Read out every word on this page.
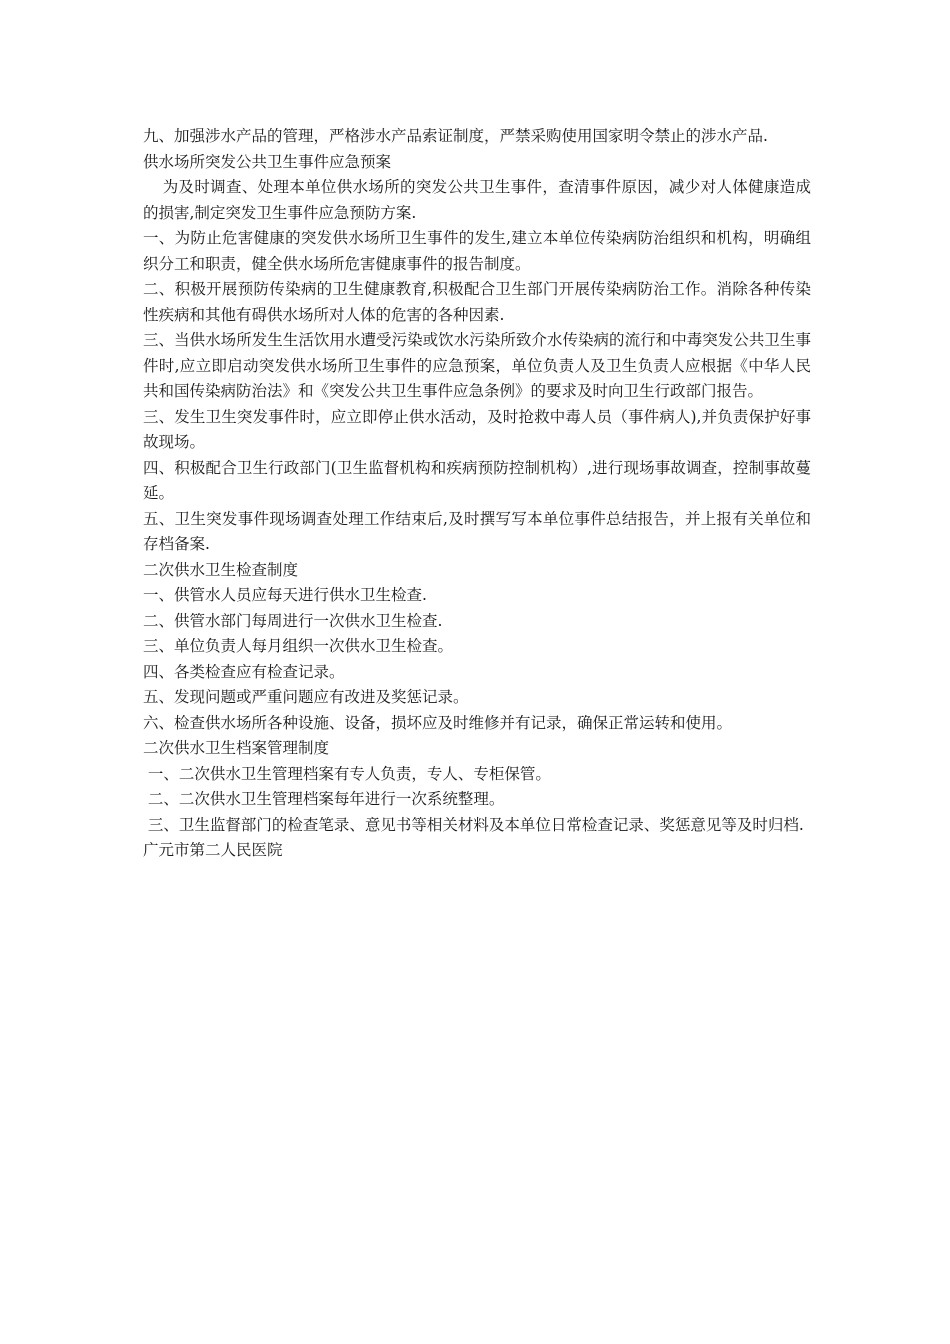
九、加强涉水产品的管理，严格涉水产品索证制度，严禁采购使用国家明令禁止的涉水产品.

供水场所突发公共卫生事件应急预案

为及时调查、处理本单位供水场所的突发公共卫生事件，查清事件原因，减少对人体健康造成的损害,制定突发卫生事件应急预防方案.

一、为防止危害健康的突发供水场所卫生事件的发生,建立本单位传染病防治组织和机构，明确组织分工和职责，健全供水场所危害健康事件的报告制度。

二、积极开展预防传染病的卫生健康教育,积极配合卫生部门开展传染病防治工作。消除各种传染性疾病和其他有碍供水场所对人体的危害的各种因素.

三、当供水场所发生生活饮用水遭受污染或饮水污染所致介水传染病的流行和中毒突发公共卫生事件时,应立即启动突发供水场所卫生事件的应急预案，单位负责人及卫生负责人应根据《中华人民共和国传染病防治法》和《突发公共卫生事件应急条例》的要求及时向卫生行政部门报告。

三、发生卫生突发事件时，应立即停止供水活动，及时抢救中毒人员（事件病人),并负责保护好事故现场。

四、积极配合卫生行政部门(卫生监督机构和疾病预防控制机构）,进行现场事故调查，控制事故蔓延。

五、卫生突发事件现场调查处理工作结束后,及时撰写写本单位事件总结报告，并上报有关单位和存档备案.

二次供水卫生检查制度

一、供管水人员应每天进行供水卫生检查.

二、供管水部门每周进行一次供水卫生检查.

三、单位负责人每月组织一次供水卫生检查。

四、各类检查应有检查记录。

五、发现问题或严重问题应有改进及奖惩记录。

六、检查供水场所各种设施、设备，损坏应及时维修并有记录，确保正常运转和使用。

二次供水卫生档案管理制度

一、二次供水卫生管理档案有专人负责，专人、专柜保管。

二、二次供水卫生管理档案每年进行一次系统整理。

三、卫生监督部门的检查笔录、意见书等相关材料及本单位日常检查记录、奖惩意见等及时归档.

广元市第二人民医院
